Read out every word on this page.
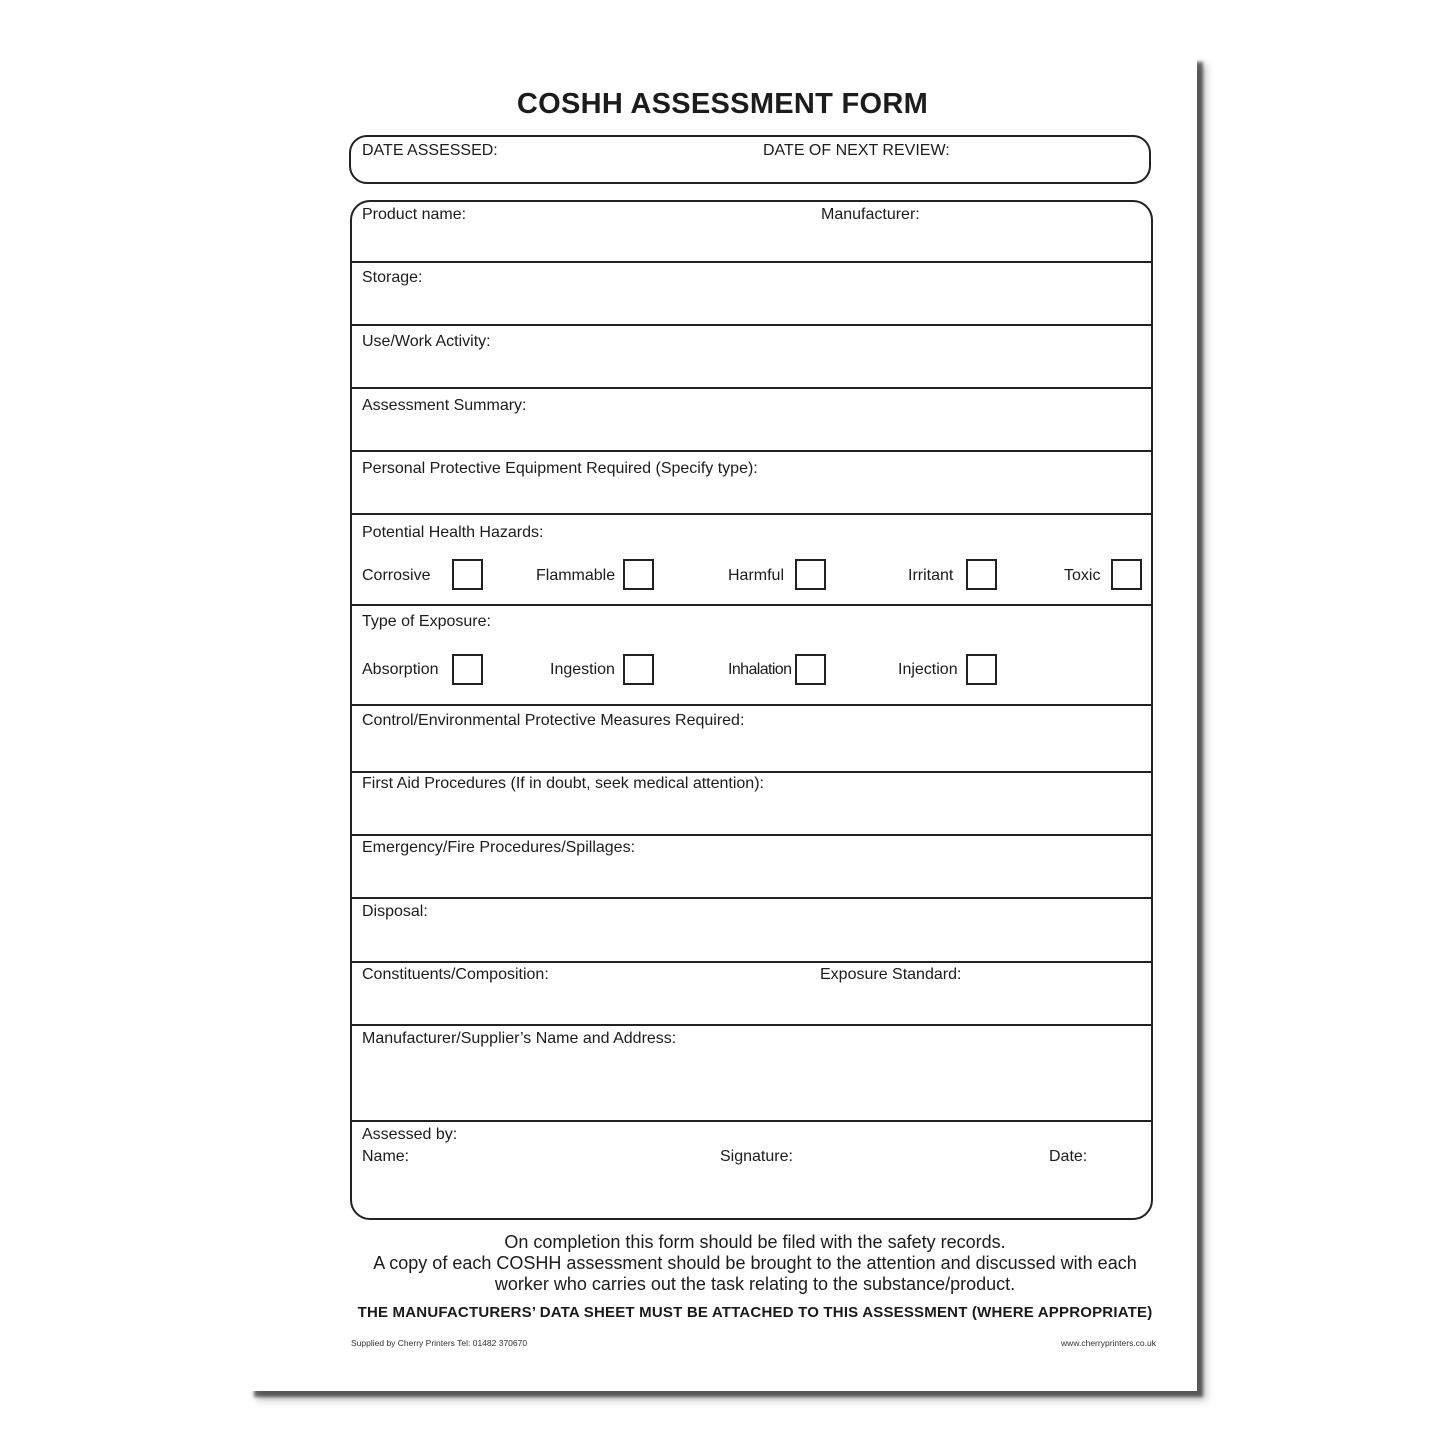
COSHH ASSESSMENT FORM
DATE ASSESSED:	DATE OF NEXT REVIEW:
Product name:	Manufacturer:
Storage:
Use/Work Activity:
Assessment Summary:
Personal Protective Equipment Required (Specify type):
Potential Health Hazards:
Corrosive	Flammable	Harmful	Irritant	Toxic
Type of Exposure:
Absorption	Ingestion	Inhalation	Injection
Control/Environmental Protective Measures Required:
First Aid Procedures (If in doubt, seek medical attention):
Emergency/Fire Procedures/Spillages:
Disposal:
Constituents/Composition:	Exposure Standard:
Manufacturer/Supplier’s Name and Address:
Assessed by:
Name:	Signature:	Date:
On completion this form should be filed with the safety records.
A copy of each COSHH assessment should be brought to the attention and discussed with each
worker who carries out the task relating to the substance/product.
THE MANUFACTURERS’ DATA SHEET MUST BE ATTACHED TO THIS ASSESSMENT (WHERE APPROPRIATE)
Supplied by Cherry Printers Tel: 01482 370670	www.cherryprinters.co.uk
